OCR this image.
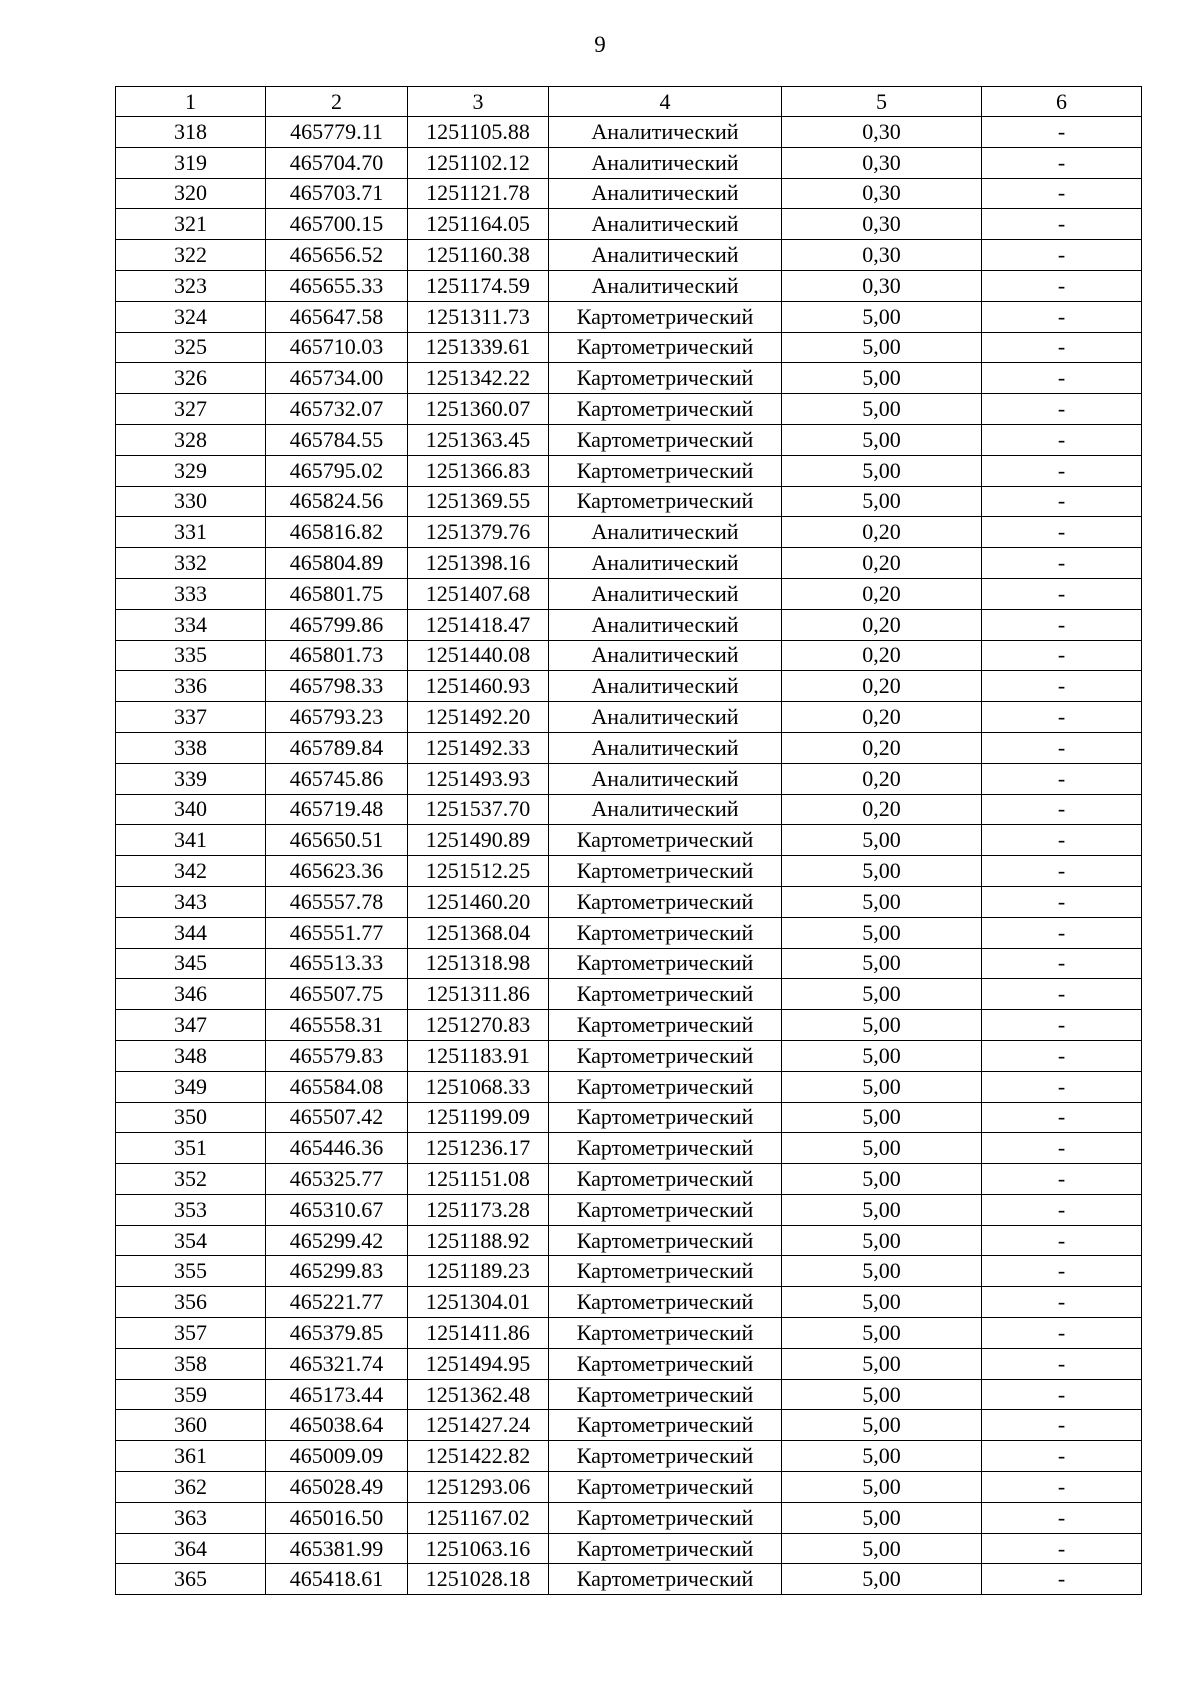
9
1	2	3	4	5	6
318	465779.11	1251105.88	Аналитический	0,30	-
319	465704.70	1251102.12	Аналитический	0,30	-
320	465703.71	1251121.78	Аналитический	0,30	-
321	465700.15	1251164.05	Аналитический	0,30	-
322	465656.52	1251160.38	Аналитический	0,30	-
323	465655.33	1251174.59	Аналитический	0,30	-
324	465647.58	1251311.73	Картометрический	5,00	-
325	465710.03	1251339.61	Картометрический	5,00	-
326	465734.00	1251342.22	Картометрический	5,00	-
327	465732.07	1251360.07	Картометрический	5,00	-
328	465784.55	1251363.45	Картометрический	5,00	-
329	465795.02	1251366.83	Картометрический	5,00	-
330	465824.56	1251369.55	Картометрический	5,00	-
331	465816.82	1251379.76	Аналитический	0,20	-
332	465804.89	1251398.16	Аналитический	0,20	-
333	465801.75	1251407.68	Аналитический	0,20	-
334	465799.86	1251418.47	Аналитический	0,20	-
335	465801.73	1251440.08	Аналитический	0,20	-
336	465798.33	1251460.93	Аналитический	0,20	-
337	465793.23	1251492.20	Аналитический	0,20	-
338	465789.84	1251492.33	Аналитический	0,20	-
339	465745.86	1251493.93	Аналитический	0,20	-
340	465719.48	1251537.70	Аналитический	0,20	-
341	465650.51	1251490.89	Картометрический	5,00	-
342	465623.36	1251512.25	Картометрический	5,00	-
343	465557.78	1251460.20	Картометрический	5,00	-
344	465551.77	1251368.04	Картометрический	5,00	-
345	465513.33	1251318.98	Картометрический	5,00	-
346	465507.75	1251311.86	Картометрический	5,00	-
347	465558.31	1251270.83	Картометрический	5,00	-
348	465579.83	1251183.91	Картометрический	5,00	-
349	465584.08	1251068.33	Картометрический	5,00	-
350	465507.42	1251199.09	Картометрический	5,00	-
351	465446.36	1251236.17	Картометрический	5,00	-
352	465325.77	1251151.08	Картометрический	5,00	-
353	465310.67	1251173.28	Картометрический	5,00	-
354	465299.42	1251188.92	Картометрический	5,00	-
355	465299.83	1251189.23	Картометрический	5,00	-
356	465221.77	1251304.01	Картометрический	5,00	-
357	465379.85	1251411.86	Картометрический	5,00	-
358	465321.74	1251494.95	Картометрический	5,00	-
359	465173.44	1251362.48	Картометрический	5,00	-
360	465038.64	1251427.24	Картометрический	5,00	-
361	465009.09	1251422.82	Картометрический	5,00	-
362	465028.49	1251293.06	Картометрический	5,00	-
363	465016.50	1251167.02	Картометрический	5,00	-
364	465381.99	1251063.16	Картометрический	5,00	-
365	465418.61	1251028.18	Картометрический	5,00	-
